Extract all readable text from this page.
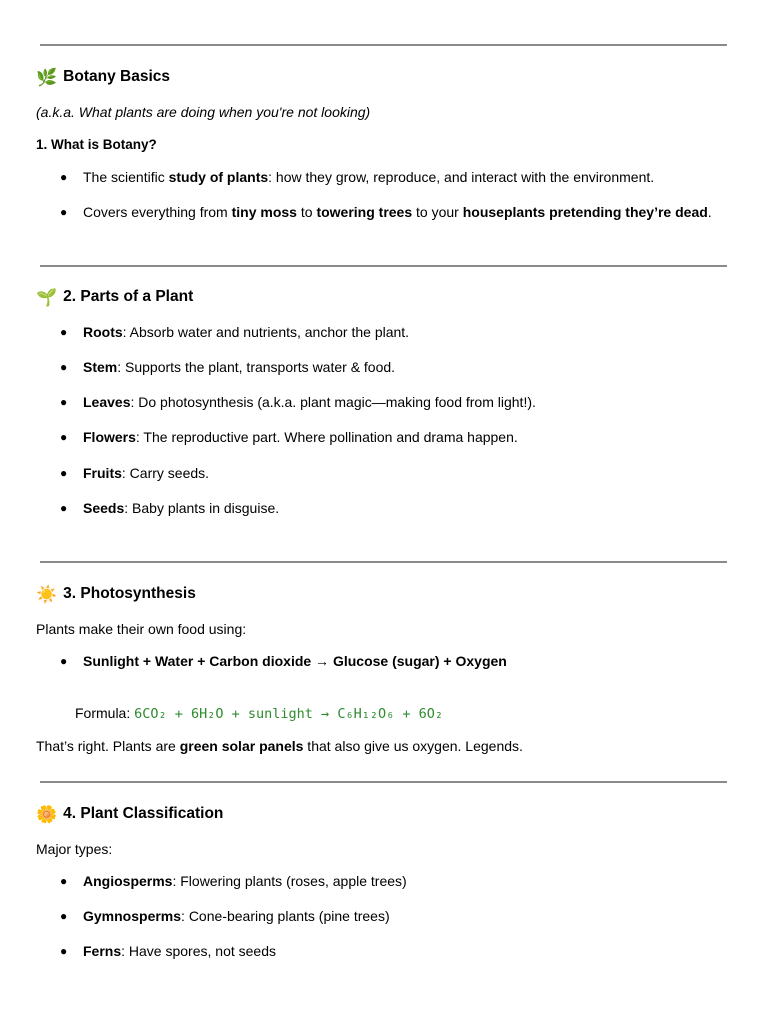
🌿 Botany Basics
(a.k.a. What plants are doing when you're not looking)
1. What is Botany?
● The scientific study of plants: how they grow, reproduce, and interact with the environment.
● Covers everything from tiny moss to towering trees to your houseplants pretending they’re dead.
🌱 2. Parts of a Plant
● Roots: Absorb water and nutrients, anchor the plant.
● Stem: Supports the plant, transports water & food.
● Leaves: Do photosynthesis (a.k.a. plant magic—making food from light!).
● Flowers: The reproductive part. Where pollination and drama happen.
● Fruits: Carry seeds.
● Seeds: Baby plants in disguise.
☀️ 3. Photosynthesis
Plants make their own food using:
● Sunlight + Water + Carbon dioxide → Glucose (sugar) + Oxygen
Formula: 6CO₂ + 6H₂O + sunlight → C₆H₁₂O₆ + 6O₂
That’s right. Plants are green solar panels that also give us oxygen. Legends.
🌼 4. Plant Classification
Major types:
● Angiosperms: Flowering plants (roses, apple trees)
● Gymnosperms: Cone-bearing plants (pine trees)
● Ferns: Have spores, not seeds
